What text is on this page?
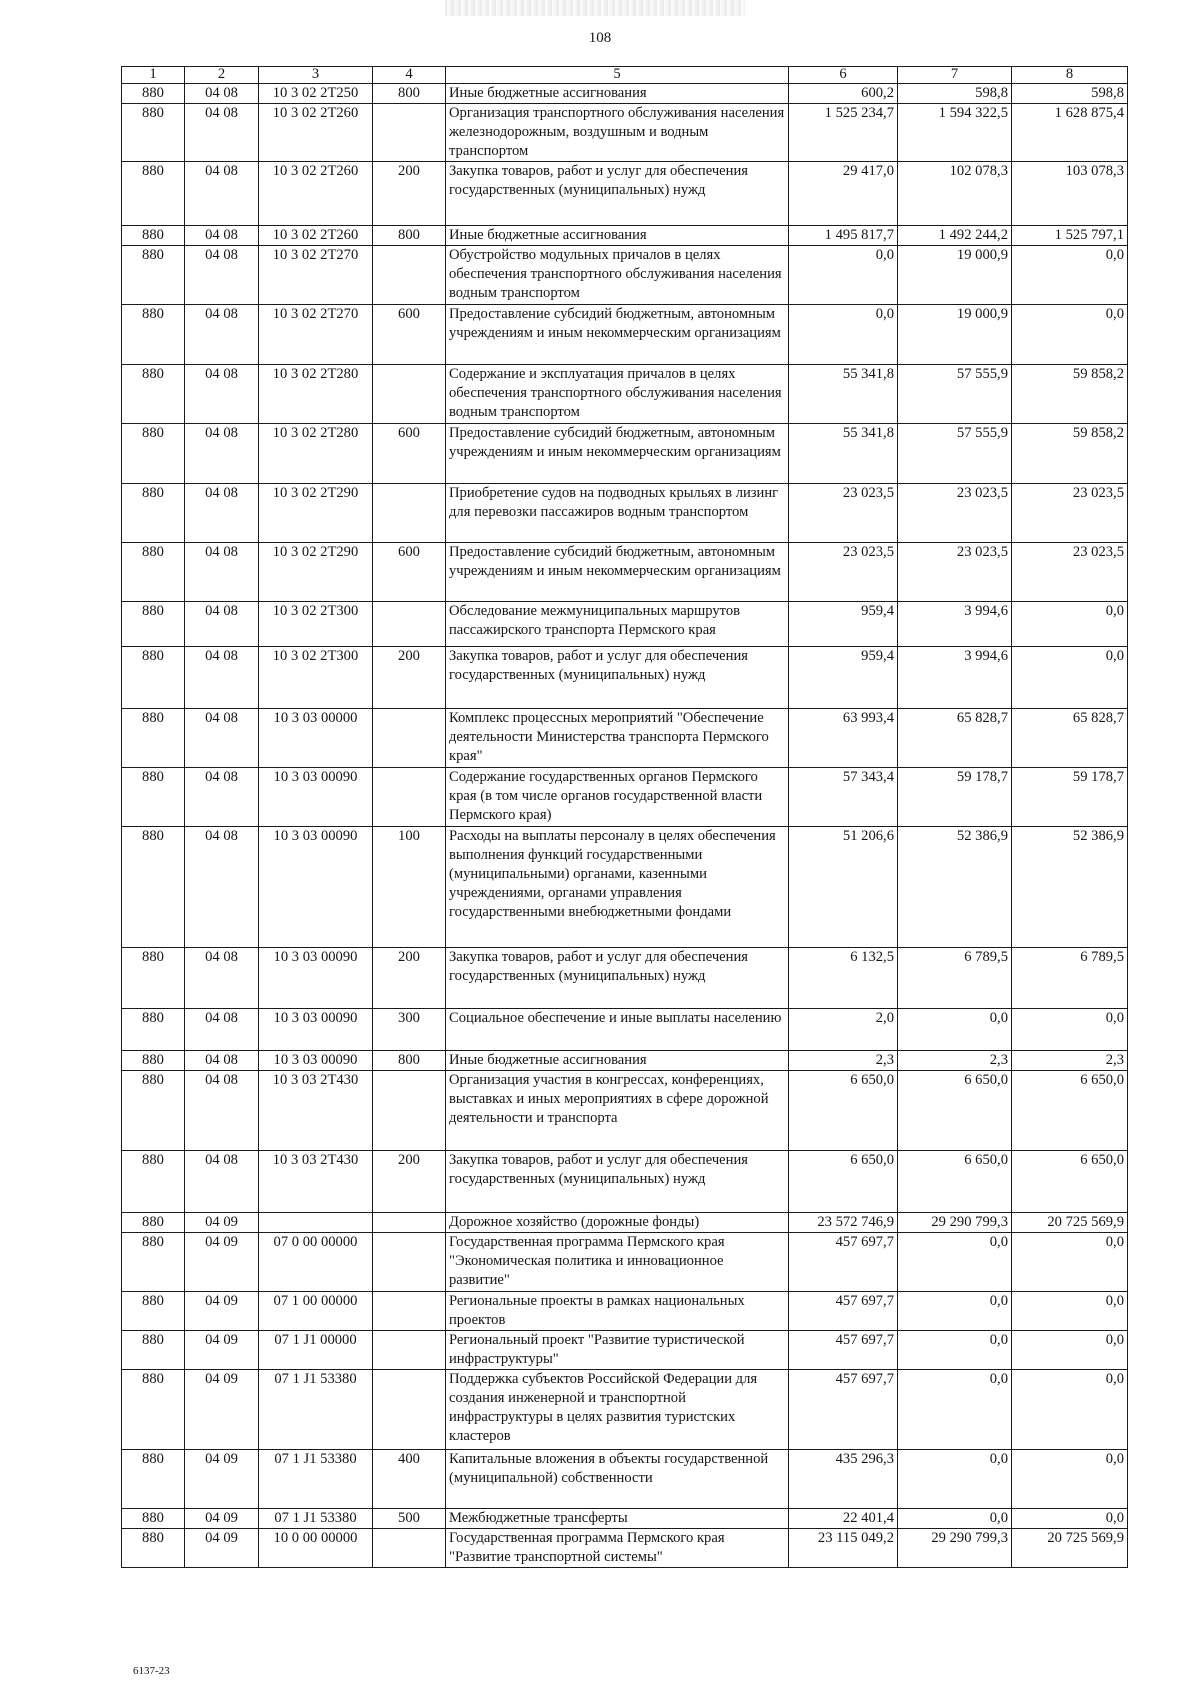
108
1	2	3	4	5	6	7	8
880	04 08	10 3 02 2Т250	800	Иные бюджетные ассигнования	600,2	598,8	598,8
880	04 08	10 3 02 2Т260		Организация транспортного обслуживания населения железнодорожным, воздушным и водным транспортом	1 525 234,7	1 594 322,5	1 628 875,4
880	04 08	10 3 02 2Т260	200	Закупка товаров, работ и услуг для обеспечения государственных (муниципальных) нужд	29 417,0	102 078,3	103 078,3
880	04 08	10 3 02 2Т260	800	Иные бюджетные ассигнования	1 495 817,7	1 492 244,2	1 525 797,1
880	04 08	10 3 02 2Т270		Обустройство модульных причалов в целях обеспечения транспортного обслуживания населения водным транспортом	0,0	19 000,9	0,0
880	04 08	10 3 02 2Т270	600	Предоставление субсидий бюджетным, автономным учреждениям и иным некоммерческим организациям	0,0	19 000,9	0,0
880	04 08	10 3 02 2Т280		Содержание и эксплуатация причалов в целях обеспечения транспортного обслуживания населения водным транспортом	55 341,8	57 555,9	59 858,2
880	04 08	10 3 02 2Т280	600	Предоставление субсидий бюджетным, автономным учреждениям и иным некоммерческим организациям	55 341,8	57 555,9	59 858,2
880	04 08	10 3 02 2Т290		Приобретение судов на подводных крыльях в лизинг для перевозки пассажиров водным транспортом	23 023,5	23 023,5	23 023,5
880	04 08	10 3 02 2Т290	600	Предоставление субсидий бюджетным, автономным учреждениям и иным некоммерческим организациям	23 023,5	23 023,5	23 023,5
880	04 08	10 3 02 2Т300		Обследование межмуниципальных маршрутов пассажирского транспорта Пермского края	959,4	3 994,6	0,0
880	04 08	10 3 02 2Т300	200	Закупка товаров, работ и услуг для обеспечения государственных (муниципальных) нужд	959,4	3 994,6	0,0
880	04 08	10 3 03 00000		Комплекс процессных мероприятий "Обеспечение деятельности Министерства транспорта Пермского края"	63 993,4	65 828,7	65 828,7
880	04 08	10 3 03 00090		Содержание государственных органов Пермского края (в том числе органов государственной власти Пермского края)	57 343,4	59 178,7	59 178,7
880	04 08	10 3 03 00090	100	Расходы на выплаты персоналу в целях обеспечения выполнения функций государственными (муниципальными) органами, казенными учреждениями, органами управления государственными внебюджетными фондами	51 206,6	52 386,9	52 386,9
880	04 08	10 3 03 00090	200	Закупка товаров, работ и услуг для обеспечения государственных (муниципальных) нужд	6 132,5	6 789,5	6 789,5
880	04 08	10 3 03 00090	300	Социальное обеспечение и иные выплаты населению	2,0	0,0	0,0
880	04 08	10 3 03 00090	800	Иные бюджетные ассигнования	2,3	2,3	2,3
880	04 08	10 3 03 2Т430		Организация участия в конгрессах, конференциях, выставках и иных мероприятиях в сфере дорожной деятельности и транспорта	6 650,0	6 650,0	6 650,0
880	04 08	10 3 03 2Т430	200	Закупка товаров, работ и услуг для обеспечения государственных (муниципальных) нужд	6 650,0	6 650,0	6 650,0
880	04 09			Дорожное хозяйство (дорожные фонды)	23 572 746,9	29 290 799,3	20 725 569,9
880	04 09	07 0 00 00000		Государственная программа Пермского края "Экономическая политика и инновационное развитие"	457 697,7	0,0	0,0
880	04 09	07 1 00 00000		Региональные проекты в рамках национальных проектов	457 697,7	0,0	0,0
880	04 09	07 1 J1 00000		Региональный проект "Развитие туристической инфраструктуры"	457 697,7	0,0	0,0
880	04 09	07 1 J1 53380		Поддержка субъектов Российской Федерации для создания инженерной и транспортной инфраструктуры в целях развития туристских кластеров	457 697,7	0,0	0,0
880	04 09	07 1 J1 53380	400	Капитальные вложения в объекты государственной (муниципальной) собственности	435 296,3	0,0	0,0
880	04 09	07 1 J1 53380	500	Межбюджетные трансферты	22 401,4	0,0	0,0
880	04 09	10 0 00 00000		Государственная программа Пермского края "Развитие транспортной системы"	23 115 049,2	29 290 799,3	20 725 569,9
6137-23
